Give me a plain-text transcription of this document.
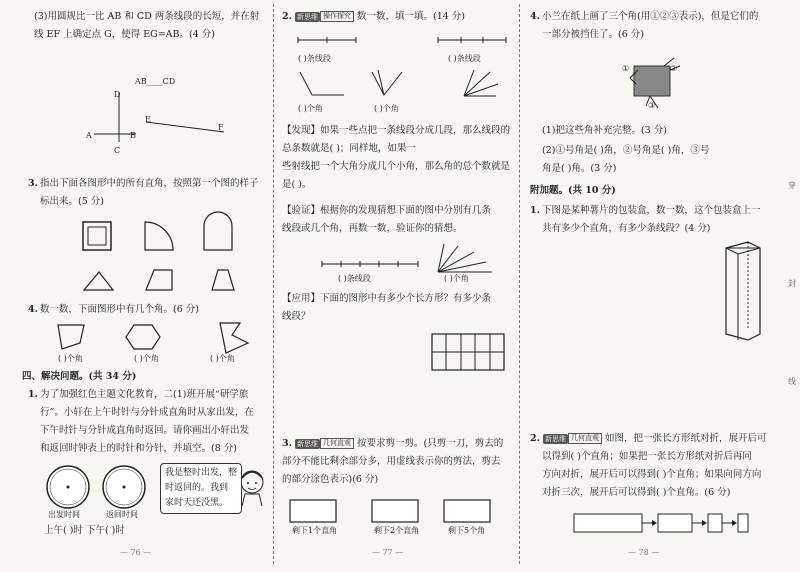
(3)用圆规比一比 AB 和 CD 两条线段的长短，并在射
线 EF 上确定点 G，使得 EG=AB。(4 分)
AB____CD
D
A	B
C
E
F
3. 指出下面各图形中的所有直角，按照第一个图的样子
标出来。(5 分)
4. 数一数，下面图形中有几个角。(6 分)
( )个角	( )个角	( )个角
四、解决问题。(共 34 分)
1. 为了加强红色主题文化教育，二(1)班开展“研学旅
行”。小轩在上午时针与分针成直角时从家出发，在
下午时针与分针成直角时返回。请你画出小轩出发
和返回时钟表上的时针和分针，并填空。(8 分)
我是整时出发，整
时返回的。我到
家时天还没黑。
出发时间	返回时间
上午( )时 下午( )时
— 76 —
2. 新思维 操作探究 数一数，填一填。(14 分)
( )条线段	( )条线段
( )个角	( )个角
【发现】如果一些点把一条线段分成几段，那么线段的
总条数就是( )；同样地，如果一
些射线把一个大角分成几个小角，那么角的总个数就是
是( )。
【验证】根据你的发现猜想下面的图中分别有几条
线段或几个角，再数一数，验证你的猜想。
( )条线段	( )个角
【应用】下面的图形中有多少个长方形？有多少条
线段？
3. 新思维 几何直观 按要求剪一剪。(只剪一刀，剪去的
部分不能比剩余部分多，用虚线表示你的剪法，剪去
的部分涂色表示)(6 分)
剩下1个直角	剩下2个直角	剩下5个角
— 77 —
4. 小兰在纸上画了三个角(用①②③表示)，但是它们的
一部分被挡住了。(6 分)
①	②
③
(1)把这些角补充完整。(3 分)
(2)①号角是( )角，②号角是( )角，③号
角是( )角。(3 分)
附加题。(共 10 分)
1. 下图是某种薯片的包装盒，数一数，这个包装盒上一
共有多少个直角，有多少条线段？(4 分)
2. 新思维 几何直观 如图，把一张长方形纸对折，展开后可
以得到( )个直角；如果把一张长方形纸对折后再同
方向对折，展开后可以得到( )个直角；如果向同方向
对折三次，展开后可以得到( )个直角。(6 分)
— 78 —
穿
封
线
